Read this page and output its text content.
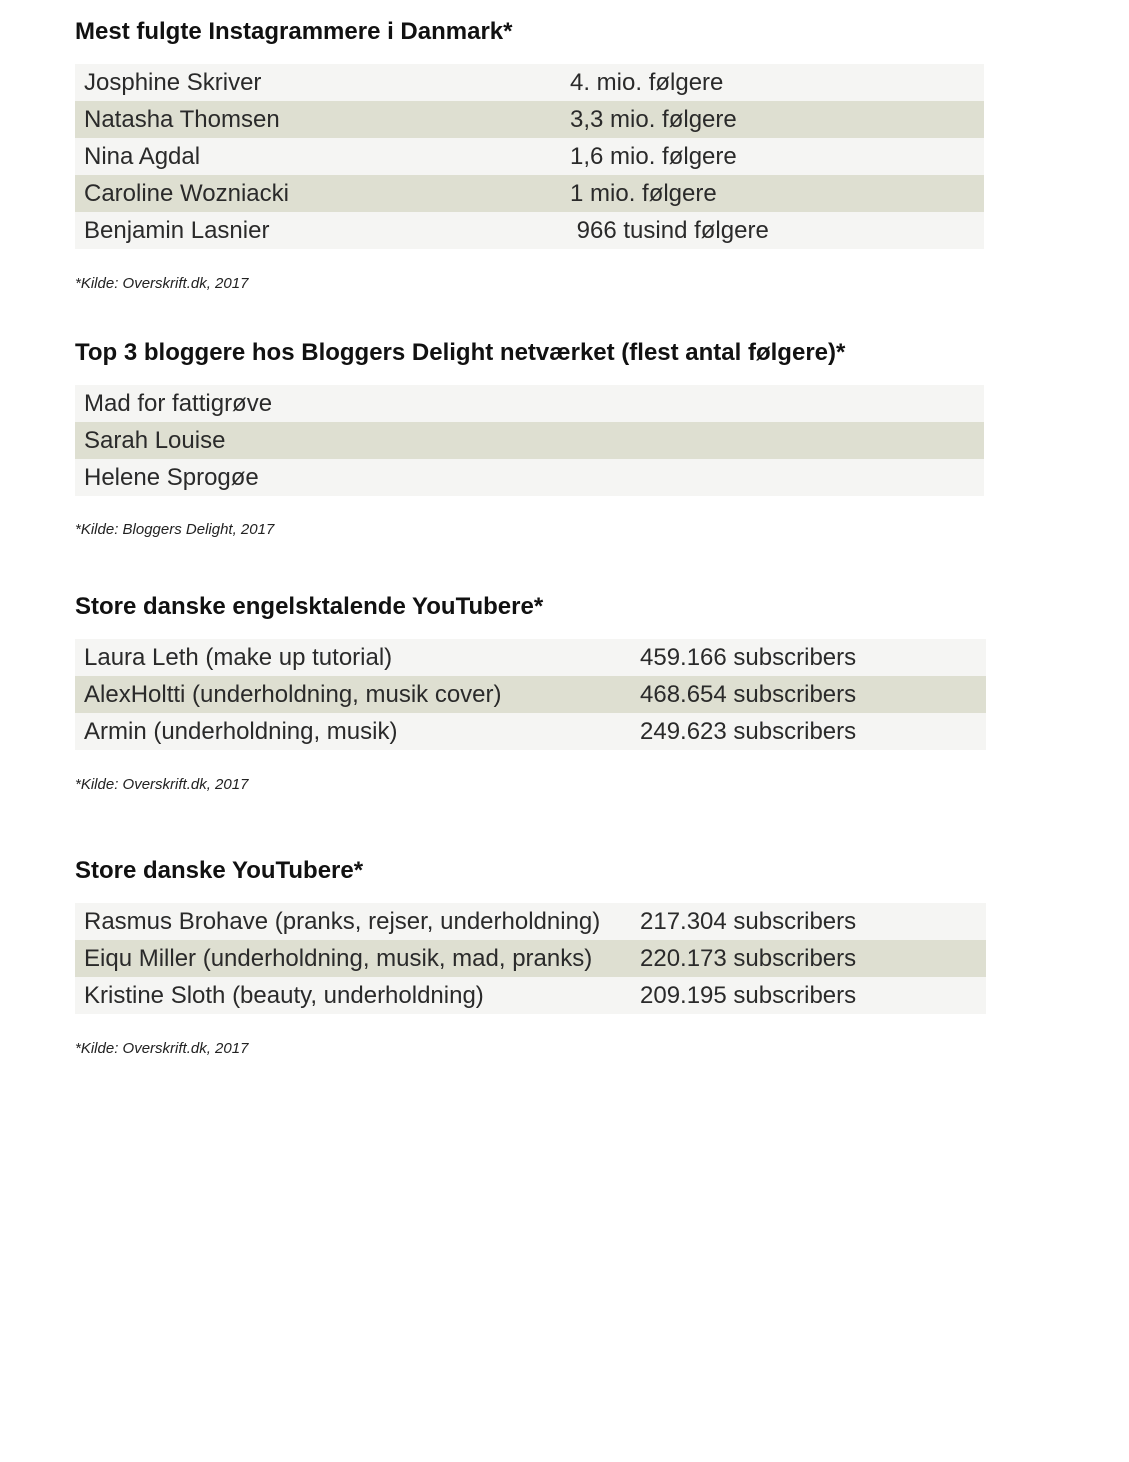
Mest fulgte Instagrammere i Danmark*
Josphine Skriver	4. mio. følgere
Natasha Thomsen	3,3 mio. følgere
Nina Agdal	1,6 mio. følgere
Caroline Wozniacki	1 mio. følgere
Benjamin Lasnier	966 tusind følgere
*Kilde: Overskrift.dk, 2017
Top 3 bloggere hos Bloggers Delight netværket (flest antal følgere)*
Mad for fattigrøve
Sarah Louise
Helene Sprogøe
*Kilde: Bloggers Delight, 2017
Store danske engelsktalende YouTubere*
Laura Leth (make up tutorial)	459.166 subscribers
AlexHoltti (underholdning, musik cover)	468.654 subscribers
Armin (underholdning, musik)	249.623 subscribers
*Kilde: Overskrift.dk, 2017
Store danske YouTubere*
Rasmus Brohave (pranks, rejser, underholdning) 217.304 subscribers
Eiqu Miller (underholdning, musik, mad, pranks) 220.173 subscribers
Kristine Sloth (beauty, underholdning)	209.195 subscribers
*Kilde: Overskrift.dk, 2017
